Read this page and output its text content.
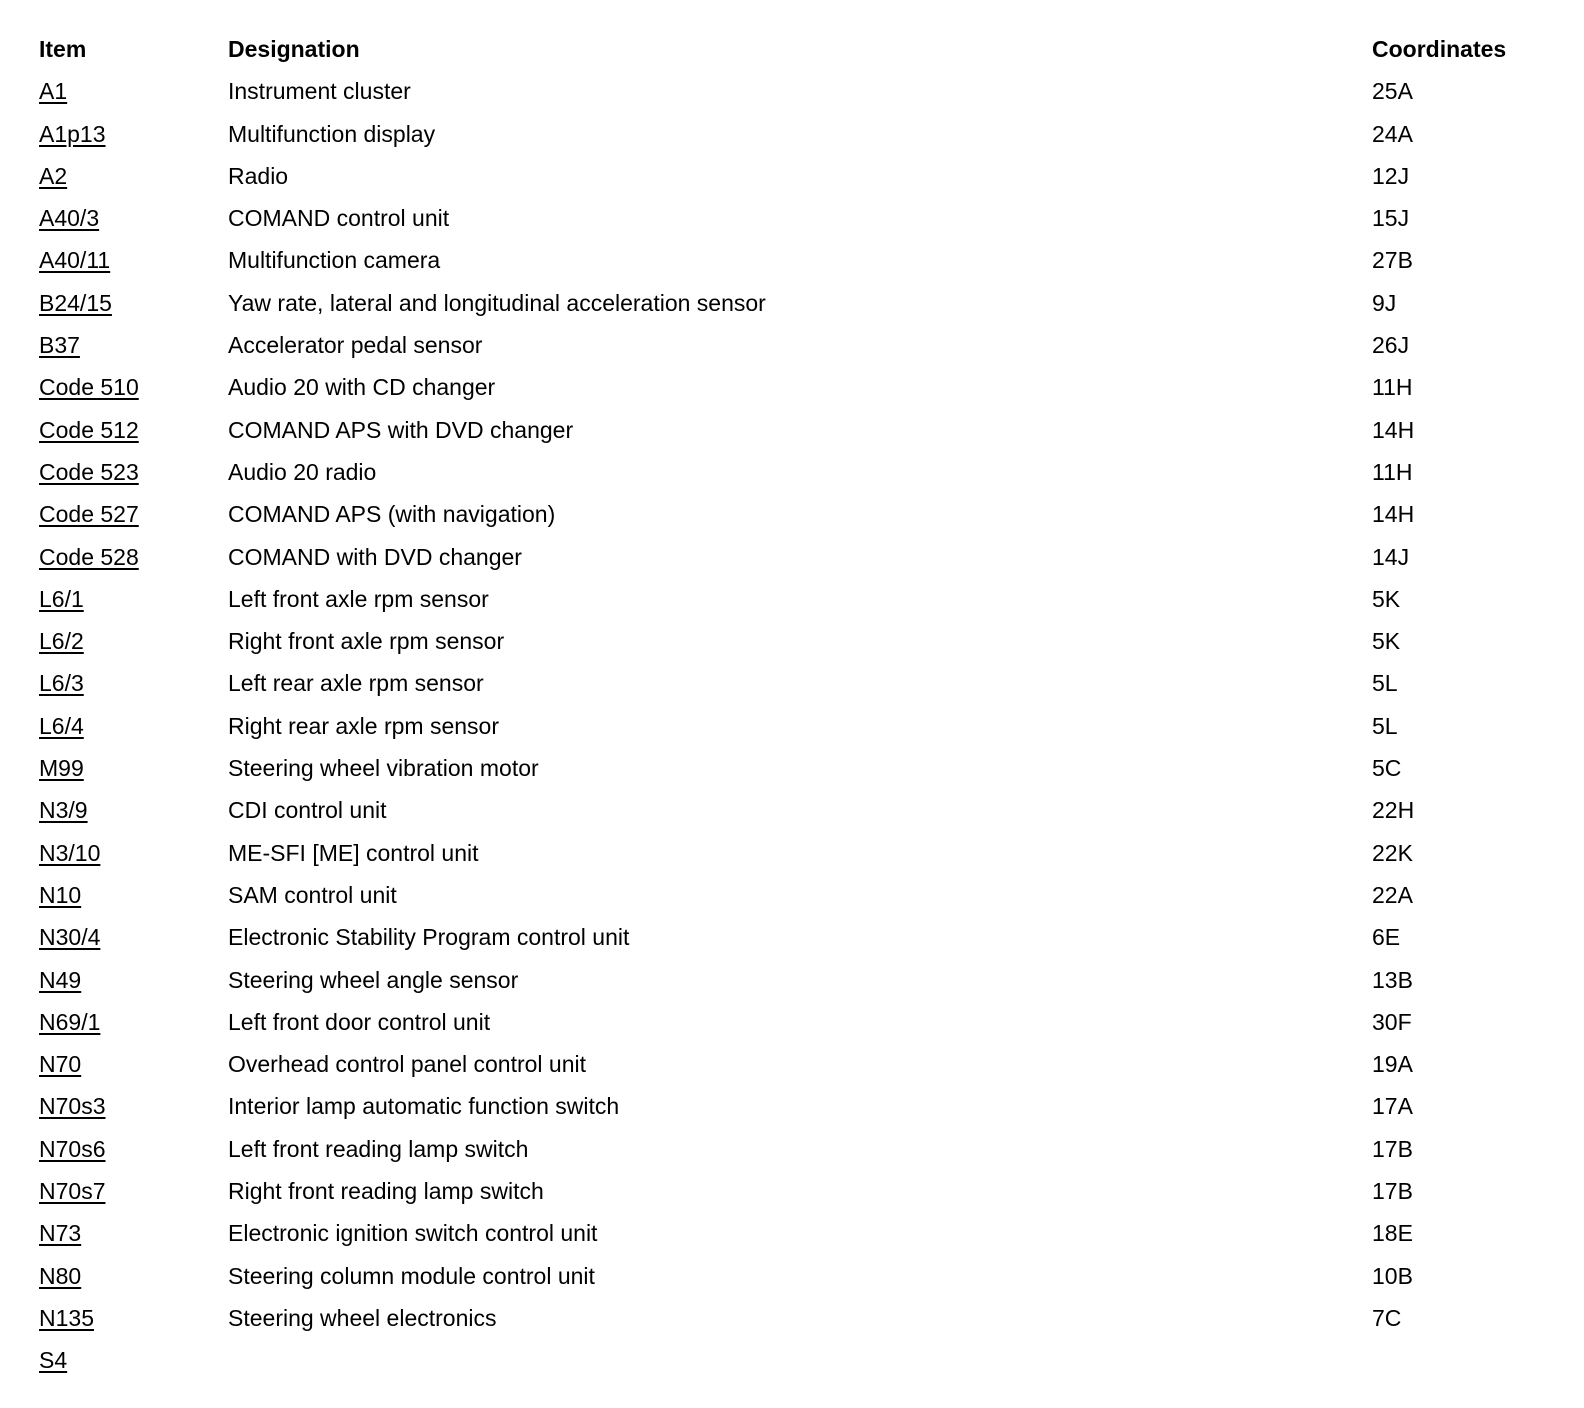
Item	Designation	Coordinates
A1	Instrument cluster	25A
A1p13	Multifunction display	24A
A2	Radio	12J
A40/3	COMAND control unit	15J
A40/11	Multifunction camera	27B
B24/15	Yaw rate, lateral and longitudinal acceleration sensor	9J
B37	Accelerator pedal sensor	26J
Code 510	Audio 20 with CD changer	11H
Code 512	COMAND APS with DVD changer	14H
Code 523	Audio 20 radio	11H
Code 527	COMAND APS (with navigation)	14H
Code 528	COMAND with DVD changer	14J
L6/1	Left front axle rpm sensor	5K
L6/2	Right front axle rpm sensor	5K
L6/3	Left rear axle rpm sensor	5L
L6/4	Right rear axle rpm sensor	5L
M99	Steering wheel vibration motor	5C
N3/9	CDI control unit	22H
N3/10	ME-SFI [ME] control unit	22K
N10	SAM control unit	22A
N30/4	Electronic Stability Program control unit	6E
N49	Steering wheel angle sensor	13B
N69/1	Left front door control unit	30F
N70	Overhead control panel control unit	19A
N70s3	Interior lamp automatic function switch	17A
N70s6	Left front reading lamp switch	17B
N70s7	Right front reading lamp switch	17B
N73	Electronic ignition switch control unit	18E
N80	Steering column module control unit	10B
N135	Steering wheel electronics	7C
S4
